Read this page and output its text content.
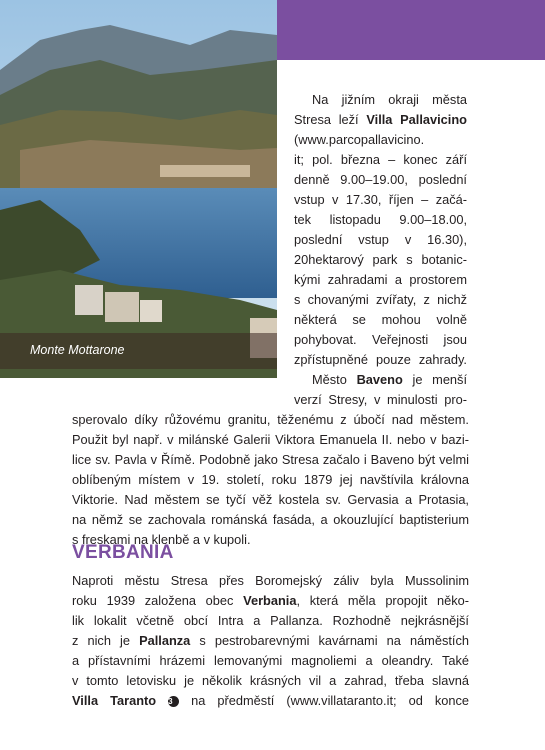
Monte Mottarone
Na jižním okraji města
Stresa leží Villa Pallavicino
(www.parcopallavicino.
it; pol. března – konec září
denně 9.00–19.00, poslední
vstup v 17.30, říjen – začá-
tek listopadu 9.00–18.00,
poslední vstup v 16.30),
20hektarový park s botanic-
kými zahradami a prostorem
s chovanými zvířaty, z nichž
některá se mohou volně
pohybovat. Veřejnosti jsou
zpřístupněné pouze zahrady.
Město Baveno je menší
verzí Stresy, v minulosti pro-
sperovalo díky růžovému granitu, těženému z úbočí nad městem.
Použit byl např. v milánské Galerii Viktora Emanuela II. nebo v bazi-
lice sv. Pavla v Římě. Podobně jako Stresa začalo i Baveno být velmi
oblíbeným místem v 19. století, roku 1879 jej navštívila královna
Viktorie. Nad městem se tyčí věž kostela sv. Gervasia a Protasia,
na němž se zachovala románská fasáda, a okouzlující baptisterium
s freskami na klenbě a v kupoli.
VERBANIA
Naproti městu Stresa přes Boromejský záliv byla Mussolinim
roku 1939 založena obec Verbania, která měla propojit něko-
lik lokalit včetně obcí Intra a Pallanza. Rozhodně nejkrásnější
z nich je Pallanza s pestrobarevnými kavárnami na náměstích
a přístavními hrázemi lemovanými magnoliemi a oleandry. Také
v tomto letovisku je několik krásných vil a zahrad, třeba slavná
Villa Taranto 3 na předměstí (www.villataranto.it; od konce
